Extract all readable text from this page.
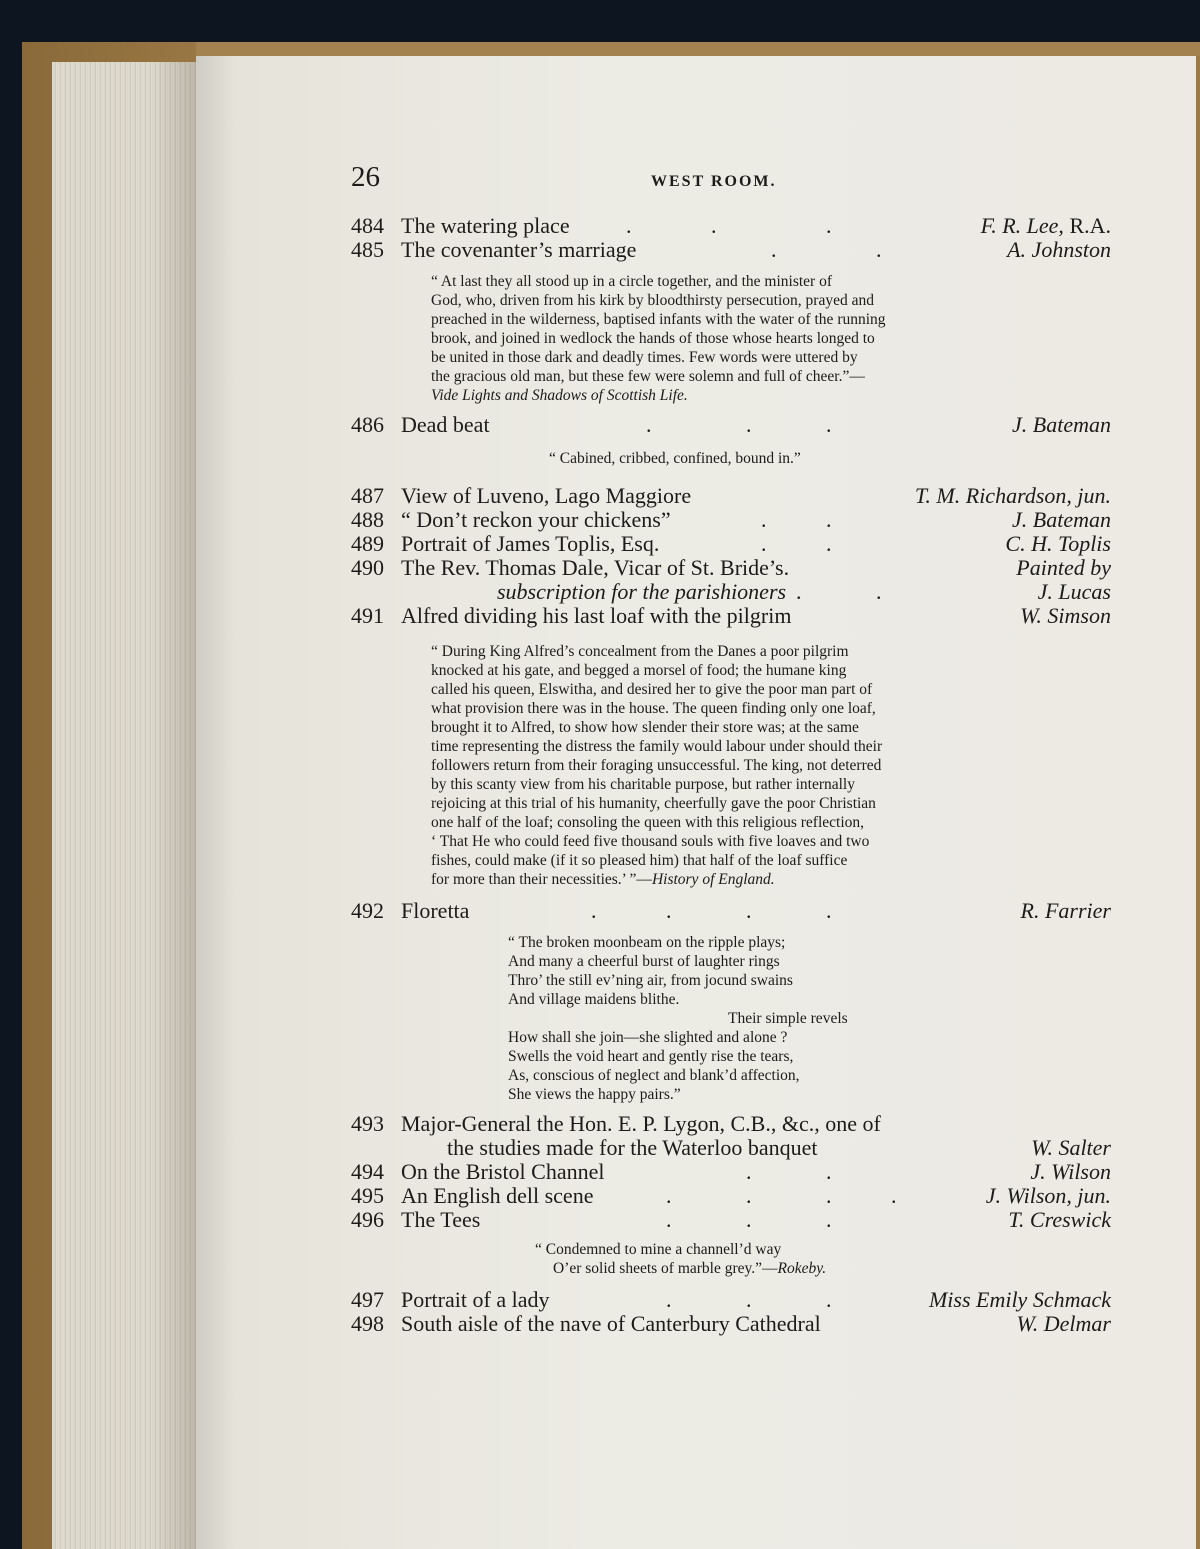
26	WEST ROOM.
484 The watering place	.	.	.	F. R. Lee, R.A.
485 The covenanter’s marriage	.	.	A. Johnston

“ At last they all stood up in a circle together, and the minister of

God, who, driven from his kirk by bloodthirsty persecution, prayed and

preached in the wilderness, baptised infants with the water of the running

brook, and joined in wedlock the hands of those whose hearts longed to

be united in those dark and deadly times. Few words were uttered by

the gracious old man, but these few were solemn and full of cheer.”—

Vide Lights and Shadows of Scottish Life.

486 Dead beat	.	.	.	J. Bateman
“ Cabined, cribbed, confined, bound in.”
487 View of Luveno, Lago Maggiore	T. M. Richardson, jun.
488 “ Don’t reckon your chickens”	.	.	J. Bateman
489 Portrait of James Toplis, Esq.	.	.	C. H. Toplis
490 The Rev. Thomas Dale, Vicar of St. Bride’s.	Painted by
subscription for the parishioners .	.	J. Lucas
491 Alfred dividing his last loaf with the pilgrim	W. Simson

“ During King Alfred’s concealment from the Danes a poor pilgrim

knocked at his gate, and begged a morsel of food; the humane king

called his queen, Elswitha, and desired her to give the poor man part of

what provision there was in the house. The queen finding only one loaf,

brought it to Alfred, to show how slender their store was; at the same

time representing the distress the family would labour under should their

followers return from their foraging unsuccessful. The king, not deterred

by this scanty view from his charitable purpose, but rather internally

rejoicing at this trial of his humanity, cheerfully gave the poor Christian

one half of the loaf; consoling the queen with this religious reflection,

‘ That He who could feed five thousand souls with five loaves and two

fishes, could make (if it so pleased him) that half of the loaf suffice

for more than their necessities.’ ”—History of England.

492 Floretta	.	.	.	.	R. Farrier

“ The broken moonbeam on the ripple plays;

And many a cheerful burst of laughter rings

Thro’ the still ev’ning air, from jocund swains

And village maidens blithe.

Their simple revels

How shall she join—she slighted and alone ?

Swells the void heart and gently rise the tears,

As, conscious of neglect and blank’d affection,

She views the happy pairs.”

493 Major-General the Hon. E. P. Lygon, C.B., &c., one of
the studies made for the Waterloo banquet	W. Salter
494 On the Bristol Channel	.	.	J. Wilson
495 An English dell scene	.	.	.	.	J. Wilson, jun.
496 The Tees	.	.	.	T. Creswick

“ Condemned to mine a channell’d way

O’er solid sheets of marble grey.”—Rokeby.

497 Portrait of a lady	.	.	.	Miss Emily Schmack
498 South aisle of the nave of Canterbury Cathedral	W. Delmar
